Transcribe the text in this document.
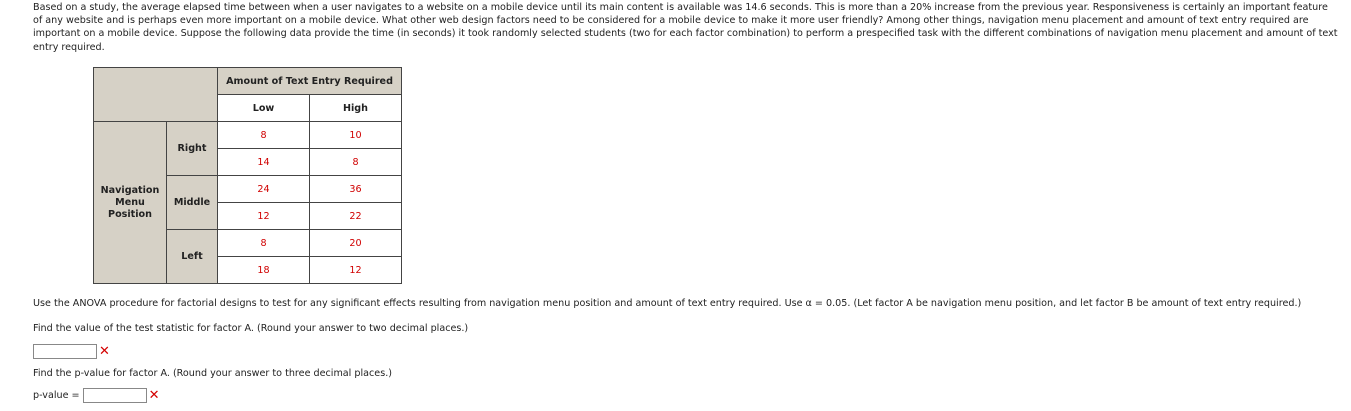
Based on a study, the average elapsed time between when a user navigates to a website on a mobile device until its main content is available was 14.6 seconds. This is more than a 20% increase from the previous year. Responsiveness is certainly an important feature of any website and is perhaps even more important on a mobile device. What other web design factors need to be considered for a mobile device to make it more user friendly? Among other things, navigation menu placement and amount of text entry required are important on a mobile device. Suppose the following data provide the time (in seconds) it took randomly selected students (two for each factor combination) to perform a prespecified task with the different combinations of navigation menu placement and amount of text entry required.

		Amount of Text Entry Required	
		Low	High
Navigation Menu Position	Right	8	10
		14	8
	Middle	24	36
		12	22
	Left	8	20
		18	12

Use the ANOVA procedure for factorial designs to test for any significant effects resulting from navigation menu position and amount of text entry required. Use α = 0.05. (Let factor A be navigation menu position, and let factor B be amount of text entry required.)

Find the value of the test statistic for factor A. (Round your answer to two decimal places.)

✕

Find the p-value for factor A. (Round your answer to three decimal places.)

p-value =	✕
